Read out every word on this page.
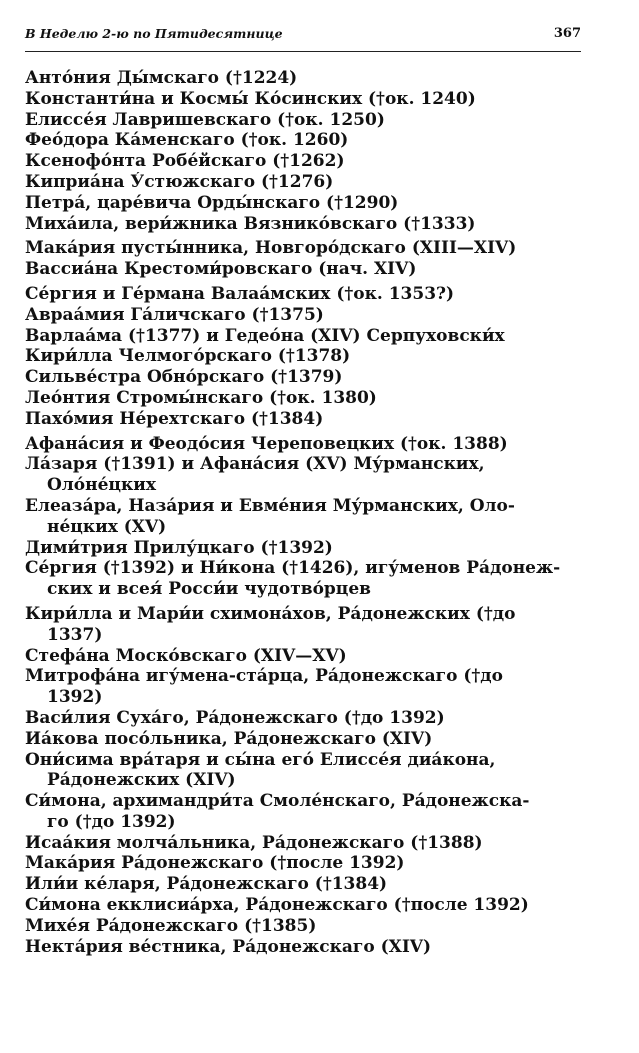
В Неделю 2-ю по Пятидесятнице	367
Анто́ния Ды́мскаго (†1224)
Константи́на и Космы́ Ко́синских (†ок. 1240)
Елиссе́я Лавришевскаго (†ок. 1250)
Фео́дора Ка́менскаго (†ок. 1260)
Ксенофо́нта Робе́йскаго (†1262)
Киприа́на У́стюжскаго (†1276)
Петра́, царе́вича Орды́нскаго (†1290)
Миха́ила, вери́жника Вязнико́вскаго (†1333)
Мака́рия пусты́нника, Новгоро́дскаго (XIII—XIV)
Вассиа́на Крестоми́ровскаго (нач. XIV)
Се́ргия и Ге́рмана Валаа́мских (†ок. 1353?)
Авраа́мия Га́личскаго (†1375)
Варлаа́ма (†1377) и Гедео́на (XIV) Серпуховски́х
Кири́лла Челмого́рскаго (†1378)
Сильве́стра Обно́рскаго (†1379)
Лео́нтия Стромы́нскаго (†ок. 1380)
Пахо́мия Не́рехтскаго (†1384)
Афана́сия и Феодо́сия Череповецких (†ок. 1388)
Ла́заря (†1391) и Афана́сия (XV) Му́рманских,
Оло́не́цких
Елеаза́ра, Наза́рия и Евме́ния Му́рманских, Оло-
не́цких (XV)
Дими́трия Прилу́цкаго (†1392)
Се́ргия (†1392) и Ни́кона (†1426), игу́менов Ра́донеж-
ских и всея́ Росси́и чудотво́рцев
Кири́лла и Мари́и схимона́хов, Ра́донежских (†до
1337)
Стефа́на Моско́вскаго (XIV—XV)
Митрофа́на игу́мена-ста́рца, Ра́донежскаго (†до
1392)
Васи́лия Суха́го, Ра́донежскаго (†до 1392)
Иа́кова посо́льника, Ра́донежскаго (XIV)
Они́сима вра́таря и сы́на его́ Елиссе́я диа́кона,
Ра́донежских (XIV)
Си́мона, архимандри́та Смоле́нскаго, Ра́донежска-
го (†до 1392)
Исаа́кия молча́льника, Ра́донежскаго (†1388)
Мака́рия Ра́донежскаго (†после 1392)
Или́и ке́ларя, Ра́донежскаго (†1384)
Си́мона екклисиа́рха, Ра́донежскаго (†после 1392)
Михе́я Ра́донежскаго (†1385)
Некта́рия ве́стника, Ра́донежскаго (XIV)
